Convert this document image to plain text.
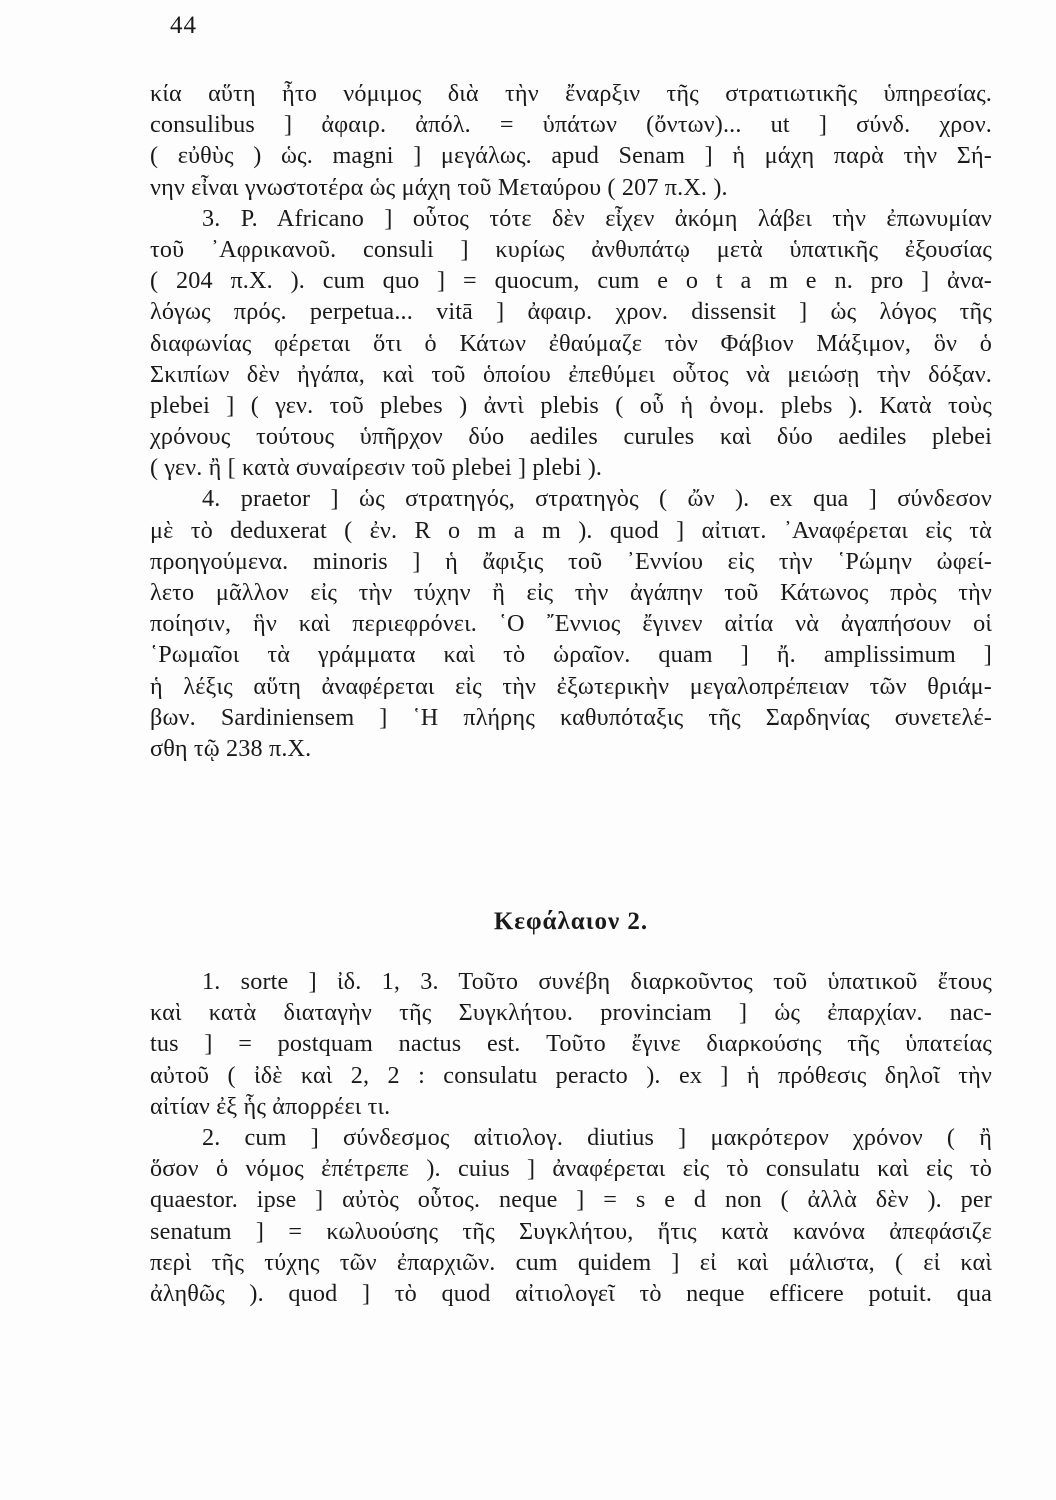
44
κία αὕτη ἦτο νόμιμος διὰ τὴν ἔναρξιν τῆς στρατιωτικῆς ὑπηρεσίας.
consulibus ] ἀφαιρ. ἀπόλ. = ὑπάτων (ὄντων)... ut ] σύνδ. χρον.
( εὐθὺς ) ὡς. magni ] μεγάλως. apud Senam ] ἡ μάχη παρὰ τὴν Σή-
νην εἶναι γνωστοτέρα ὡς μάχη τοῦ Μεταύρου ( 207 π.Χ. ).
3. P. Africano ] οὗτος τότε δὲν εἶχεν ἀκόμη λάβει τὴν ἐπωνυμίαν
τοῦ ᾽Αφρικανοῦ. consuli ] κυρίως ἀνθυπάτῳ μετὰ ὑπατικῆς ἐξουσίας
( 204 π.Χ. ). cum quo ] = quocum, cum e o t a m e n. pro ] ἀνα-
λόγως πρός. perpetua... vitā ] ἀφαιρ. χρον. dissensit ] ὡς λόγος τῆς
διαφωνίας φέρεται ὅτι ὁ Κάτων ἐθαύμαζε τὸν Φάβιον Μάξιμον, ὃν ὁ
Σκιπίων δὲν ἠγάπα, καὶ τοῦ ὁποίου ἐπεθύμει οὗτος νὰ μειώσῃ τὴν δόξαν.
plebei ] ( γεν. τοῦ plebes ) ἀντὶ plebis ( οὗ ἡ ὀνομ. plebs ). Κατὰ τοὺς
χρόνους τούτους ὑπῆρχον δύο aediles curules καὶ δύο aediles plebei
( γεν. ἢ [ κατὰ συναίρεσιν τοῦ plebei ] plebi ).
4. praetor ] ὡς στρατηγός, στρατηγὸς ( ὤν ). ex qua ] σύνδεσον
μὲ τὸ deduxerat ( ἐν. R o m a m ). quod ] αἰτιατ. ᾽Αναφέρεται εἰς τὰ
προηγούμενα. minoris ] ἡ ἄφιξις τοῦ ᾽Εννίου εἰς τὴν ῾Ρώμην ὠφεί-
λετο μᾶλλον εἰς τὴν τύχην ἢ εἰς τὴν ἀγάπην τοῦ Κάτωνος πρὸς τὴν
ποίησιν, ἣν καὶ περιεφρόνει. ῾Ο ῎Εννιος ἔγινεν αἰτία νὰ ἀγαπήσουν οἱ
῾Ρωμαῖοι τὰ γράμματα καὶ τὸ ὡραῖον. quam ] ἤ. amplissimum ]
ἡ λέξις αὕτη ἀναφέρεται εἰς τὴν ἐξωτερικὴν μεγαλοπρέπειαν τῶν θριάμ-
βων. Sardiniensem ] ῾Η πλήρης καθυπόταξις τῆς Σαρδηνίας συνετελέ-
σθη τῷ 238 π.Χ.
Κεφάλαιον 2.
1. sorte ] ἰδ. 1, 3. Τοῦτο συνέβη διαρκοῦντος τοῦ ὑπατικοῦ ἔτους
καὶ κατὰ διαταγὴν τῆς Συγκλήτου. provinciam ] ὡς ἐπαρχίαν. nac-
tus ] = postquam nactus est. Τοῦτο ἔγινε διαρκούσης τῆς ὑπατείας
αὐτοῦ ( ἰδὲ καὶ 2, 2 : consulatu peracto ). ex ] ἡ πρόθεσις δηλοῖ τὴν
αἰτίαν ἐξ ἧς ἀπορρέει τι.
2. cum ] σύνδεσμος αἰτιολογ. diutius ] μακρότερον χρόνον ( ἢ
ὅσον ὁ νόμος ἐπέτρεπε ). cuius ] ἀναφέρεται εἰς τὸ consulatu καὶ εἰς τὸ
quaestor. ipse ] αὐτὸς οὗτος. neque ] = s e d non ( ἀλλὰ δὲν ). per
senatum ] = κωλυούσης τῆς Συγκλήτου, ἥτις κατὰ κανόνα ἀπεφάσιζε
περὶ τῆς τύχης τῶν ἐπαρχιῶν. cum quidem ] εἰ καὶ μάλιστα, ( εἰ καὶ
ἀληθῶς ). quod ] τὸ quod αἰτιολογεῖ τὸ neque efficere potuit. qua
